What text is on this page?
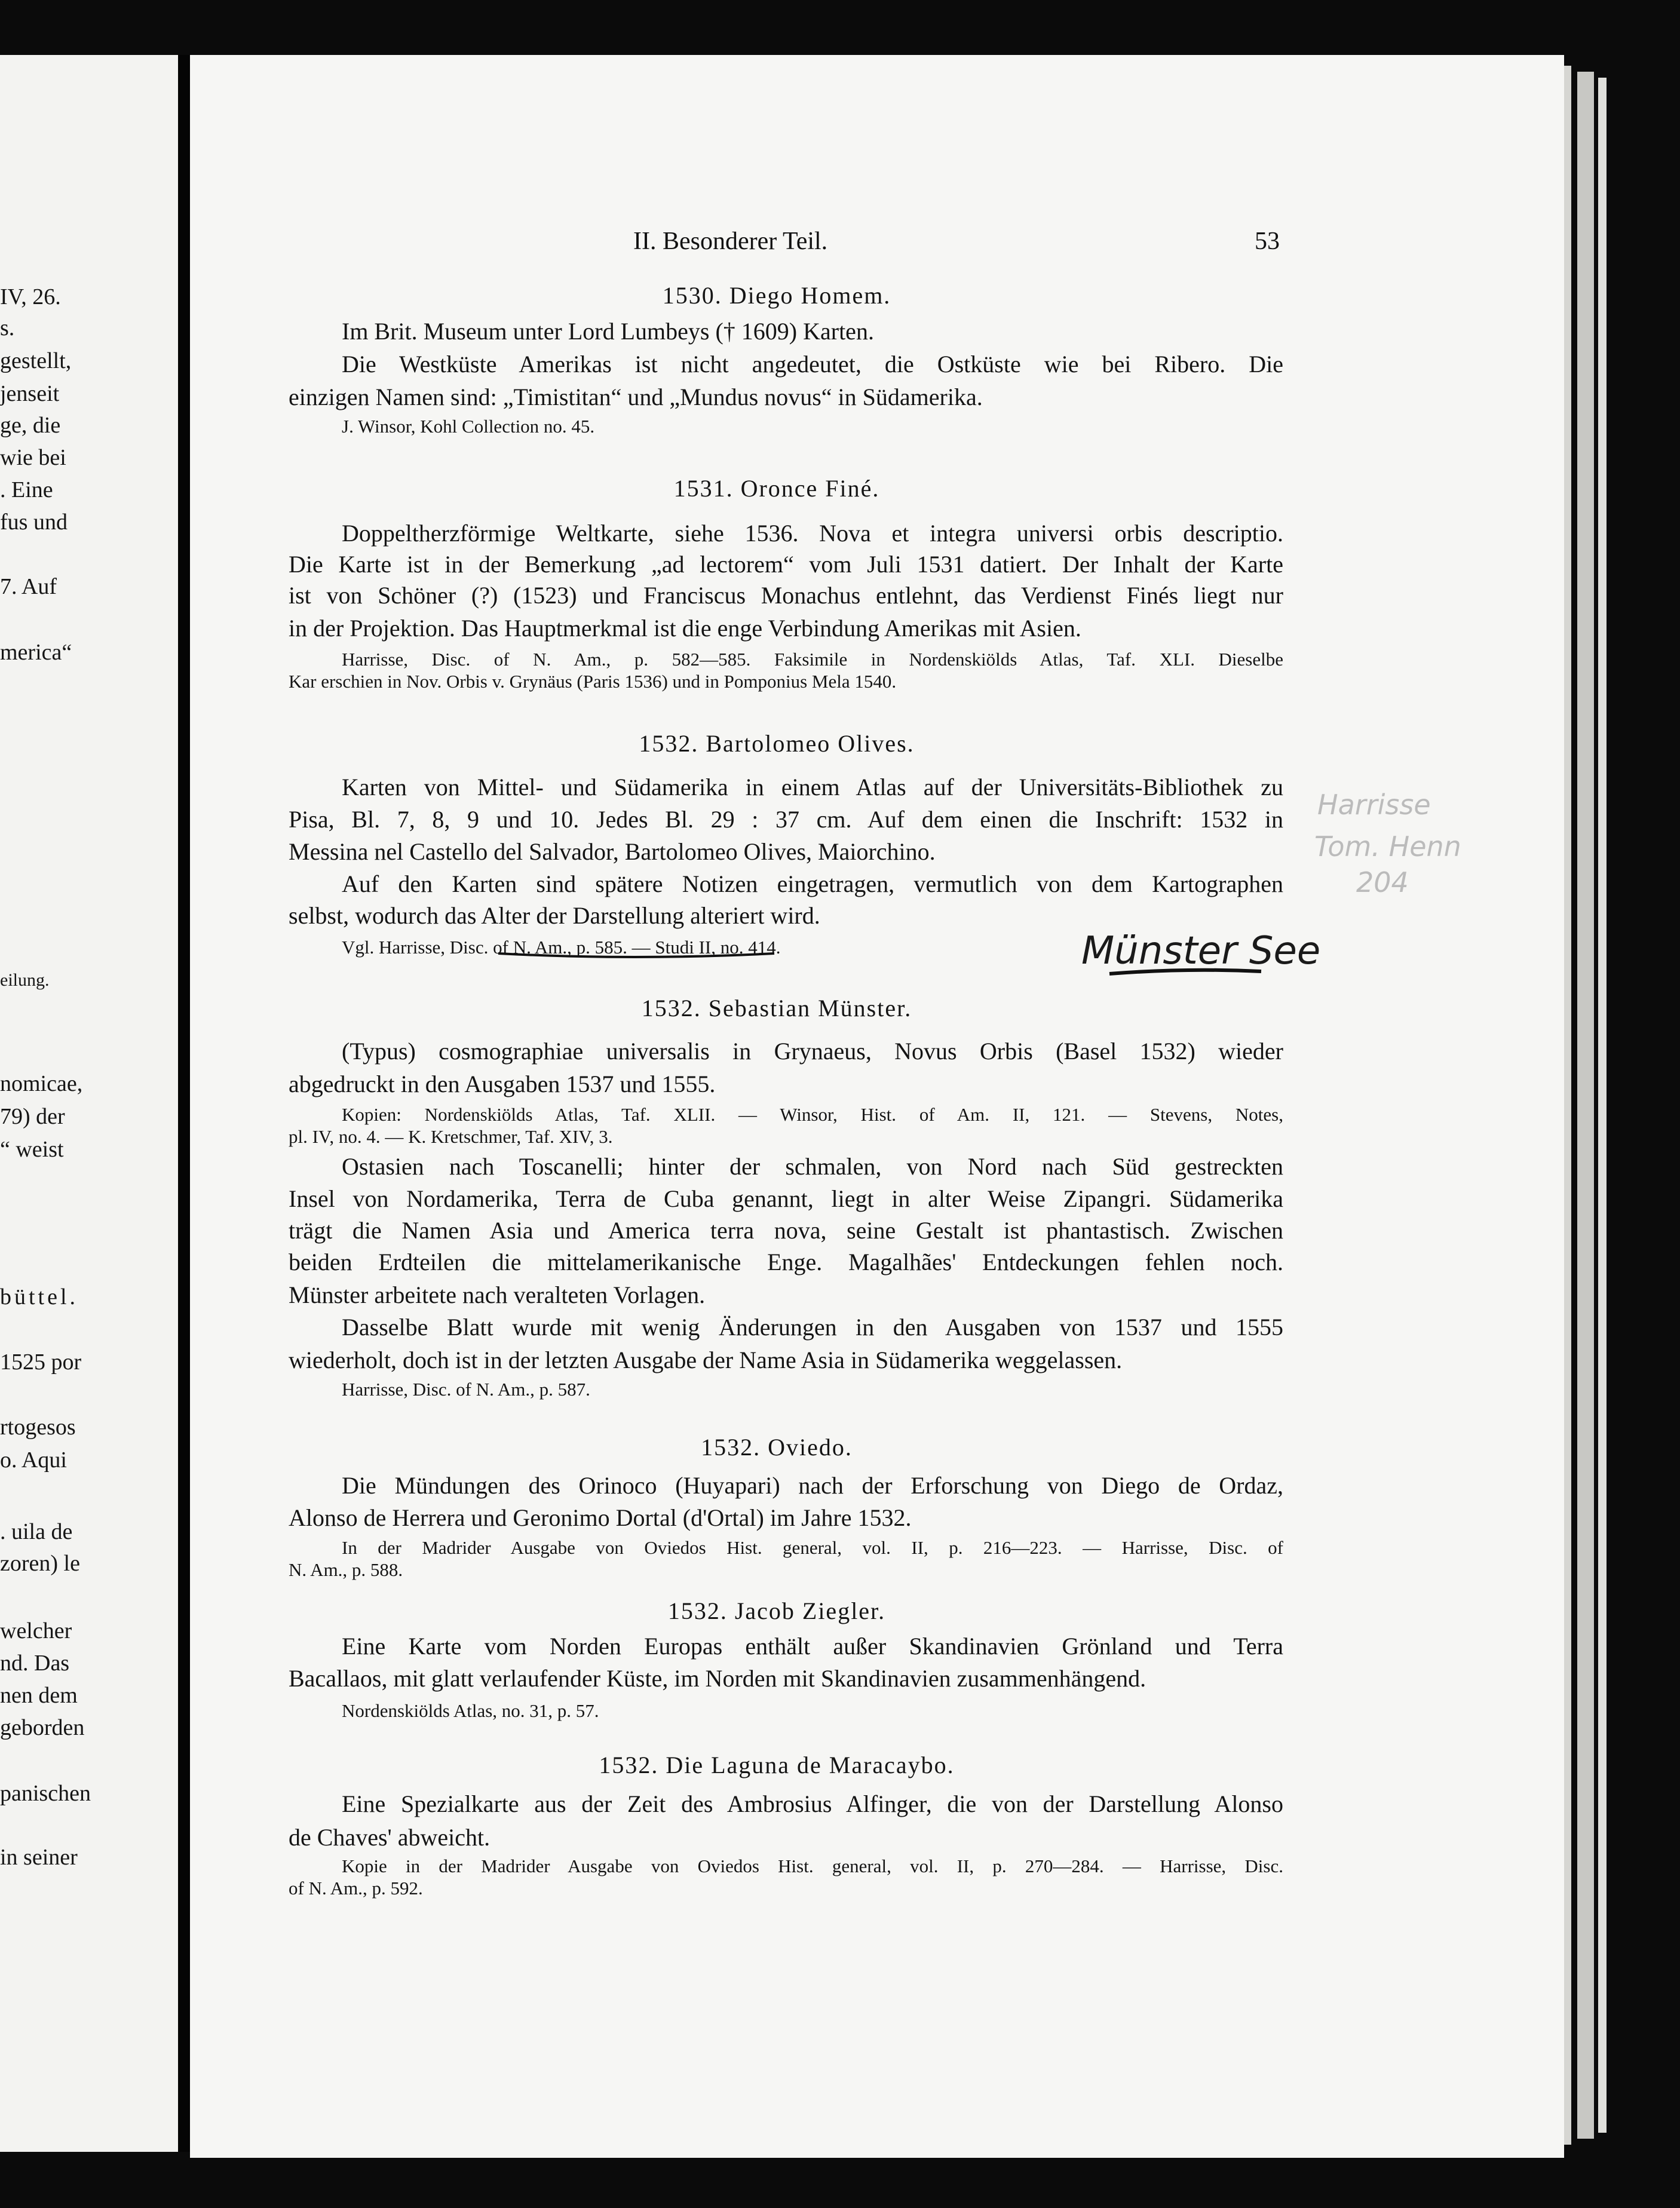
IV, 26.
s.
gestellt,
jenseit
ge, die
wie bei
. Eine
fus und
7. Auf
merica“
eilung.
nomicae,
79) der
“ weist
büttel.
1525 por
rtogesos
o. Aqui
. uila de
zoren) le
welcher
nd. Das
nen dem
geborden
panischen
in seiner
II. Besonderer Teil.	53
1530. Diego Homem.
Im Brit. Museum unter Lord Lumbeys († 1609) Karten.
Die Westküste Amerikas ist nicht angedeutet, die Ostküste wie bei Ribero. Die
einzigen Namen sind: „Timistitan“ und „Mundus novus“ in Südamerika.
J. Winsor, Kohl Collection no. 45.
1531. Oronce Finé.
Doppeltherzförmige Weltkarte, siehe 1536. Nova et integra universi orbis descriptio.
Die Karte ist in der Bemerkung „ad lectorem“ vom Juli 1531 datiert. Der Inhalt der Karte
ist von Schöner (?) (1523) und Franciscus Monachus entlehnt, das Verdienst Finés liegt nur
in der Projektion. Das Hauptmerkmal ist die enge Verbindung Amerikas mit Asien.
Harrisse, Disc. of N. Am., p. 582—585. Faksimile in Nordenskiölds Atlas, Taf. XLI. Dieselbe
Kar erschien in Nov. Orbis v. Grynäus (Paris 1536) und in Pomponius Mela 1540.
1532. Bartolomeo Olives.
Karten von Mittel- und Südamerika in einem Atlas auf der Universitäts-Bibliothek zu
Pisa, Bl. 7, 8, 9 und 10. Jedes Bl. 29 : 37 cm. Auf dem einen die Inschrift: 1532 in
Messina nel Castello del Salvador, Bartolomeo Olives, Maiorchino.
Auf den Karten sind spätere Notizen eingetragen, vermutlich von dem Kartographen
selbst, wodurch das Alter der Darstellung alteriert wird.
Vgl. Harrisse, Disc. of N. Am., p. 585. — Studi II, no. 414.
1532. Sebastian Münster.
(Typus) cosmographiae universalis in Grynaeus, Novus Orbis (Basel 1532) wieder
abgedruckt in den Ausgaben 1537 und 1555.
Kopien: Nordenskiölds Atlas, Taf. XLII. — Winsor, Hist. of Am. II, 121. — Stevens, Notes,
pl. IV, no. 4. — K. Kretschmer, Taf. XIV, 3.
Ostasien nach Toscanelli; hinter der schmalen, von Nord nach Süd gestreckten
Insel von Nordamerika, Terra de Cuba genannt, liegt in alter Weise Zipangri. Südamerika
trägt die Namen Asia und America terra nova, seine Gestalt ist phantastisch. Zwischen
beiden Erdteilen die mittelamerikanische Enge. Magalhães' Entdeckungen fehlen noch.
Münster arbeitete nach veralteten Vorlagen.
Dasselbe Blatt wurde mit wenig Änderungen in den Ausgaben von 1537 und 1555
wiederholt, doch ist in der letzten Ausgabe der Name Asia in Südamerika weggelassen.
Harrisse, Disc. of N. Am., p. 587.
1532. Oviedo.
Die Mündungen des Orinoco (Huyapari) nach der Erforschung von Diego de Ordaz,
Alonso de Herrera und Geronimo Dortal (d'Ortal) im Jahre 1532.
In der Madrider Ausgabe von Oviedos Hist. general, vol. II, p. 216—223. — Harrisse, Disc. of
N. Am., p. 588.
1532. Jacob Ziegler.
Eine Karte vom Norden Europas enthält außer Skandinavien Grönland und Terra
Bacallaos, mit glatt verlaufender Küste, im Norden mit Skandinavien zusammenhängend.
Nordenskiölds Atlas, no. 31, p. 57.
1532. Die Laguna de Maracaybo.
Eine Spezialkarte aus der Zeit des Ambrosius Alfinger, die von der Darstellung Alonso
de Chaves' abweicht.
Kopie in der Madrider Ausgabe von Oviedos Hist. general, vol. II, p. 270—284. — Harrisse, Disc.
of N. Am., p. 592.
Harrisse
Tom. Henn
204
Münster See
